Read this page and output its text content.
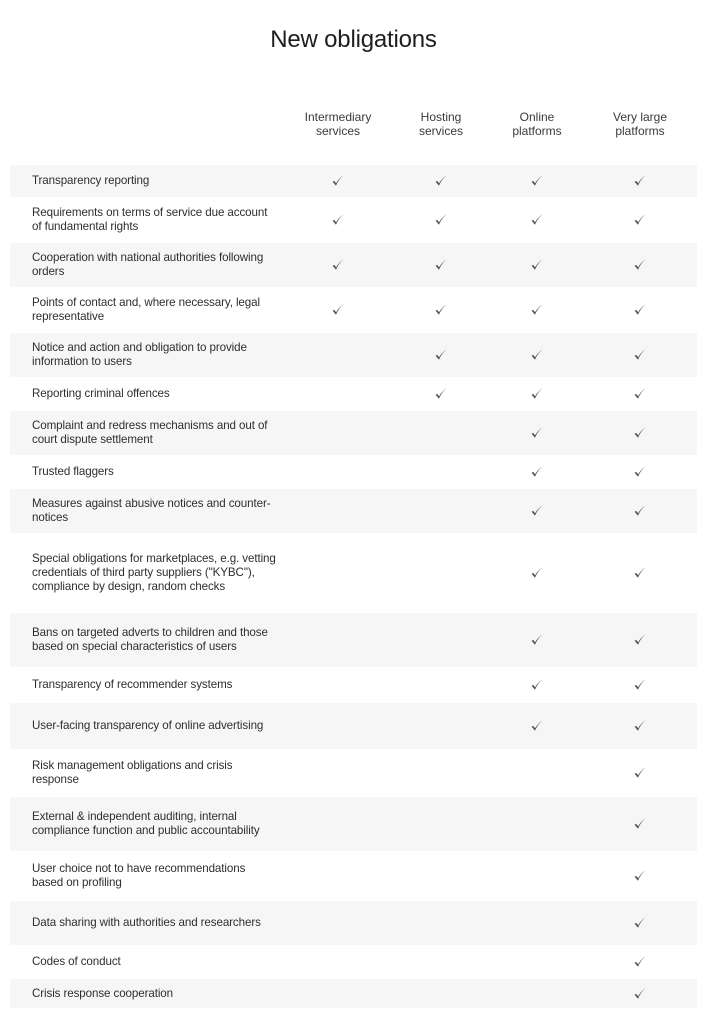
New obligations
Intermediary
services
Hosting
services
Online
platforms
Very large
platforms
Transparency reporting
Requirements on terms of service due account of fundamental rights
Cooperation with national authorities following orders
Points of contact and, where necessary, legal representative
Notice and action and obligation to provide information to users
Reporting criminal offences
Complaint and redress mechanisms and out of court dispute settlement
Trusted flaggers
Measures against abusive notices and counter-notices
Special obligations for marketplaces, e.g. vetting credentials of third party suppliers ("KYBC"), compliance by design, random checks
Bans on targeted adverts to children and those based on special characteristics of users
Transparency of recommender systems
User-facing transparency of online advertising
Risk management obligations and crisis response
External & independent auditing, internal compliance function and public accountability
User choice not to have recommendations based on profiling
Data sharing with authorities and researchers
Codes of conduct
Crisis response cooperation
